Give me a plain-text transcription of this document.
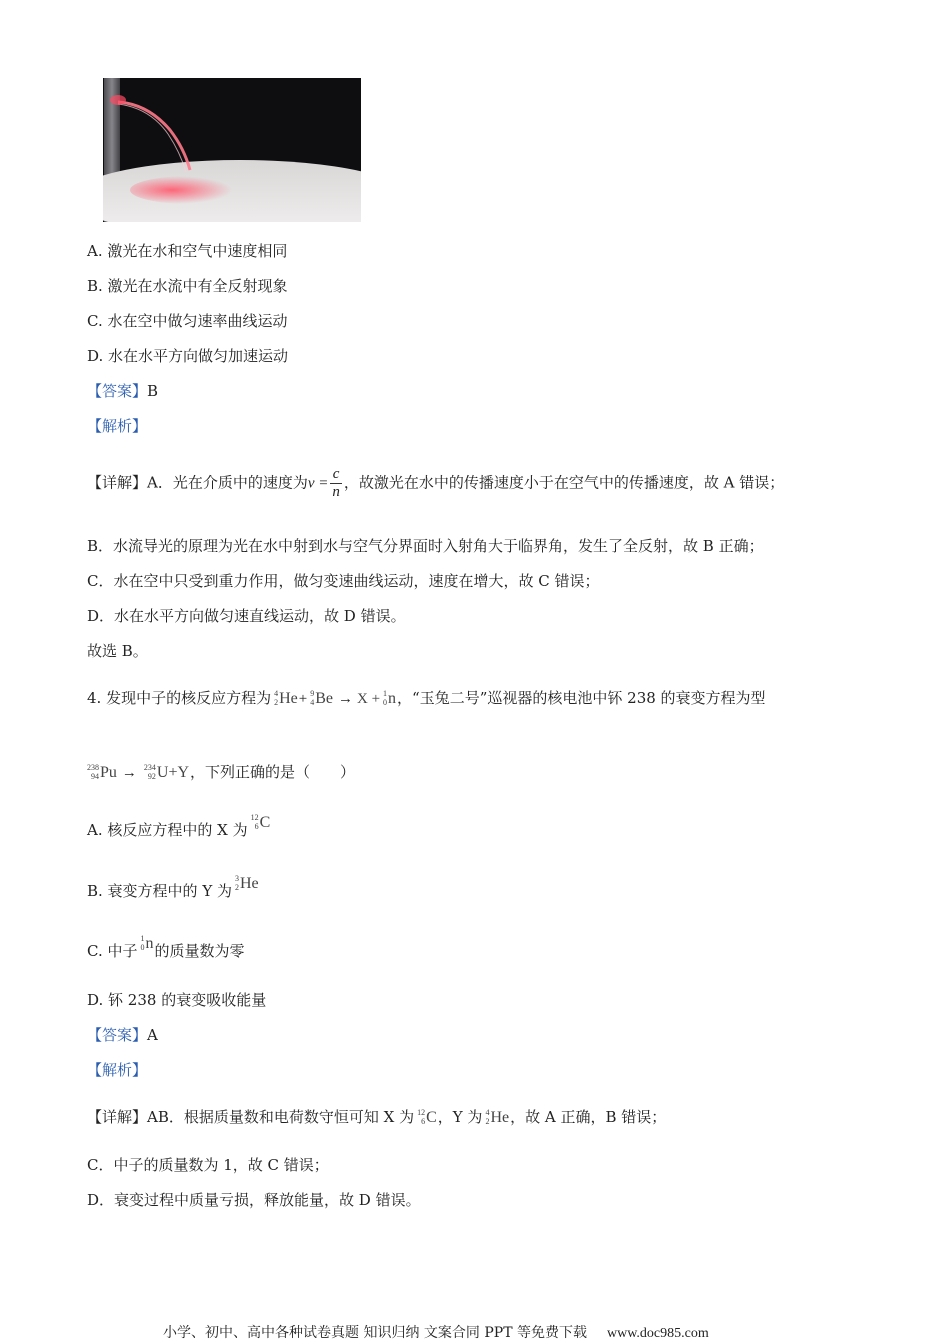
A. 激光在水和空气中速度相同
B. 激光在水流中有全反射现象
C. 水在空中做匀速率曲线运动
D. 水在水平方向做匀加速运动
【答案】B
【解析】
【详解】A．光在介质中的速度为$v = \frac{c}{n}$ ，故激光在水中的传播速度小于在空气中的传播速度，故 A 错误；
B．水流导光的原理为光在水中射到水与空气分界面时入射角大于临界角，发生了全反射，故 B 正确；
C．水在空中只受到重力作用，做匀变速曲线运动，速度在增大，故 C 错误；
D．水在水平方向做匀速直线运动，故 D 错误。
故选 B。
4. 发现中子的核反应方程为 4
2 He+ 9
4 Be → X + 1
0 n，“玉兔二号”巡视器的核电池中钚 238 的衰变方程为型
238
94 Pu → 234
92 U+Y，下列正确的是（　　）
A. 核反应方程中的 X 为
12
6 C
B. 衰变方程中的 Y 为
3
2 He
C. 中子
1
0 n的质量数为零
D. 钚 238 的衰变吸收能量
【答案】A
【解析】
【详解】AB．根据质量数和电荷数守恒可知 X 为 12
6 C，Y 为 4
2 He，故 A 正确，B 错误；
C．中子的质量数为 1，故 C 错误；
D．衰变过程中质量亏损，释放能量，故 D 错误。
小学、初中、高中各种试卷真题 知识归纳 文案合同 PPT 等免费下载 www.doc985.com
